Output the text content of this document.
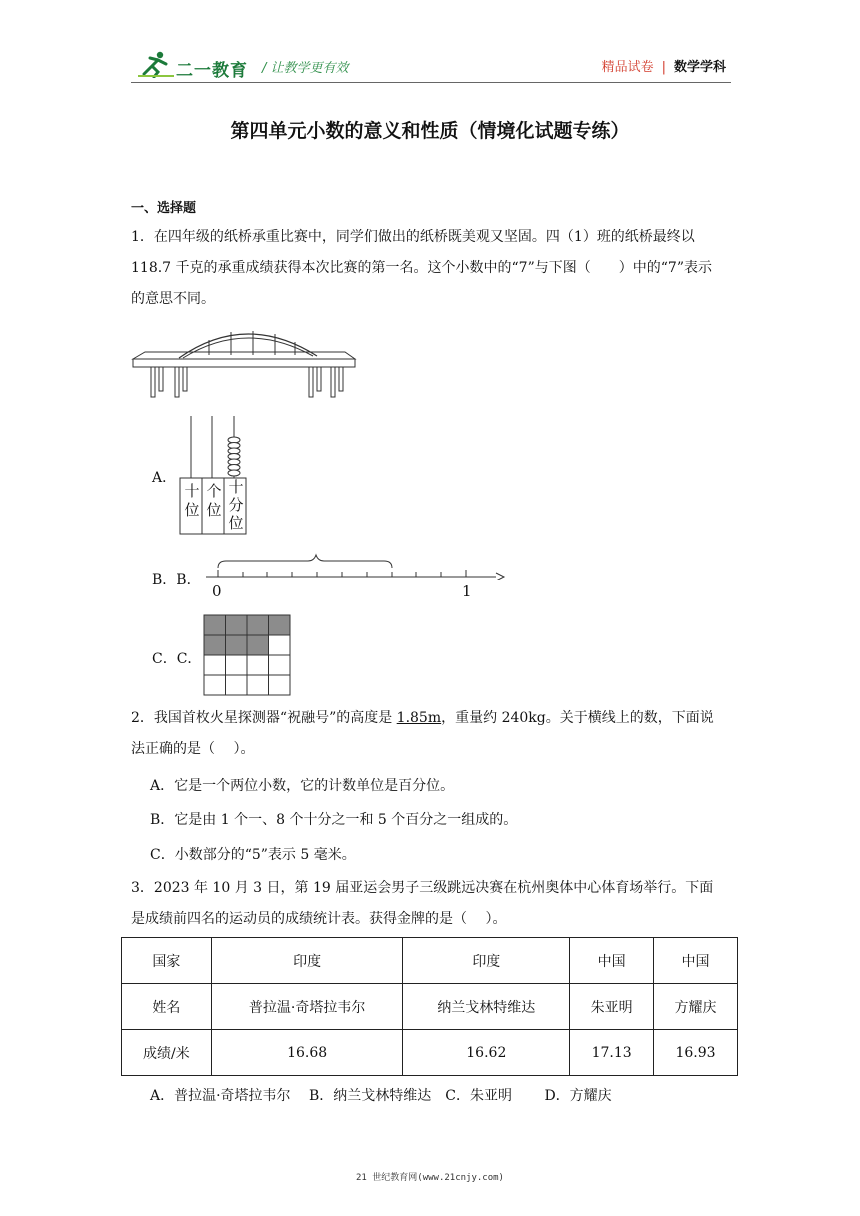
二一教育 / 让教学更有效	精品试卷 | 数学学科
第四单元小数的意义和性质（情境化试题专练）
一、选择题
1．在四年级的纸桥承重比赛中，同学们做出的纸桥既美观又坚固。四（1）班的纸桥最终以
118.7 千克的承重成绩获得本次比赛的第一名。这个小数中的“7”与下图（　　）中的“7”表示
的意思不同。
A．
十
位
个
位
十
分
位
B．B．
0	1
C．C．
2．我国首枚火星探测器“祝融号”的高度是 1.85m，重量约 240kg。关于横线上的数，下面说
法正确的是（　 ）。
A．它是一个两位小数，它的计数单位是百分位。
B．它是由 1 个一、8 个十分之一和 5 个百分之一组成的。
C．小数部分的“5”表示 5 毫米。
3．2023 年 10 月 3 日，第 19 届亚运会男子三级跳远决赛在杭州奥体中心体育场举行。下面
是成绩前四名的运动员的成绩统计表。获得金牌的是（　 ）。
国家	印度	印度	中国	中国
姓名	普拉温·奇塔拉韦尔	纳兰戈林特维达	朱亚明	方耀庆
成绩/米	16.68	16.62	17.13	16.93
A．普拉温·奇塔拉韦尔　 B．纳兰戈林特维达　C．朱亚明　　 D．方耀庆
21 世纪教育网(www.21cnjy.com)
